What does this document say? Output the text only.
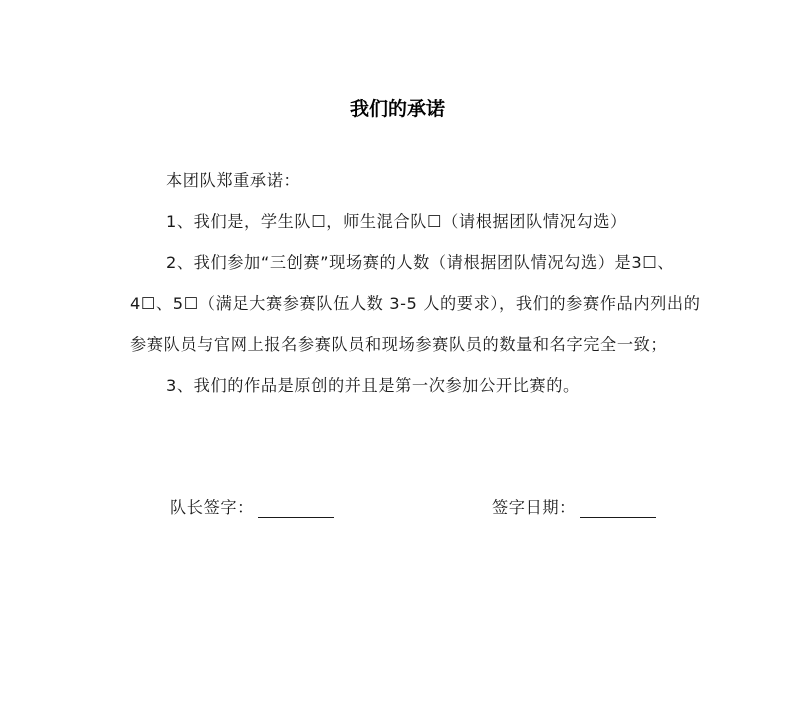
我们的承诺

本团队郑重承诺：

1、我们是，学生队☐，师生混合队☐（请根据团队情况勾选）

2、我们参加“三创赛”现场赛的人数（请根据团队情况勾选）是3☐、4☐、5☐（满足大赛参赛队伍人数 3-5 人的要求），我们的参赛作品内列出的参赛队员与官网上报名参赛队员和现场参赛队员的数量和名字完全一致；

3、我们的作品是原创的并且是第一次参加公开比赛的。

队长签字：	签字日期：
